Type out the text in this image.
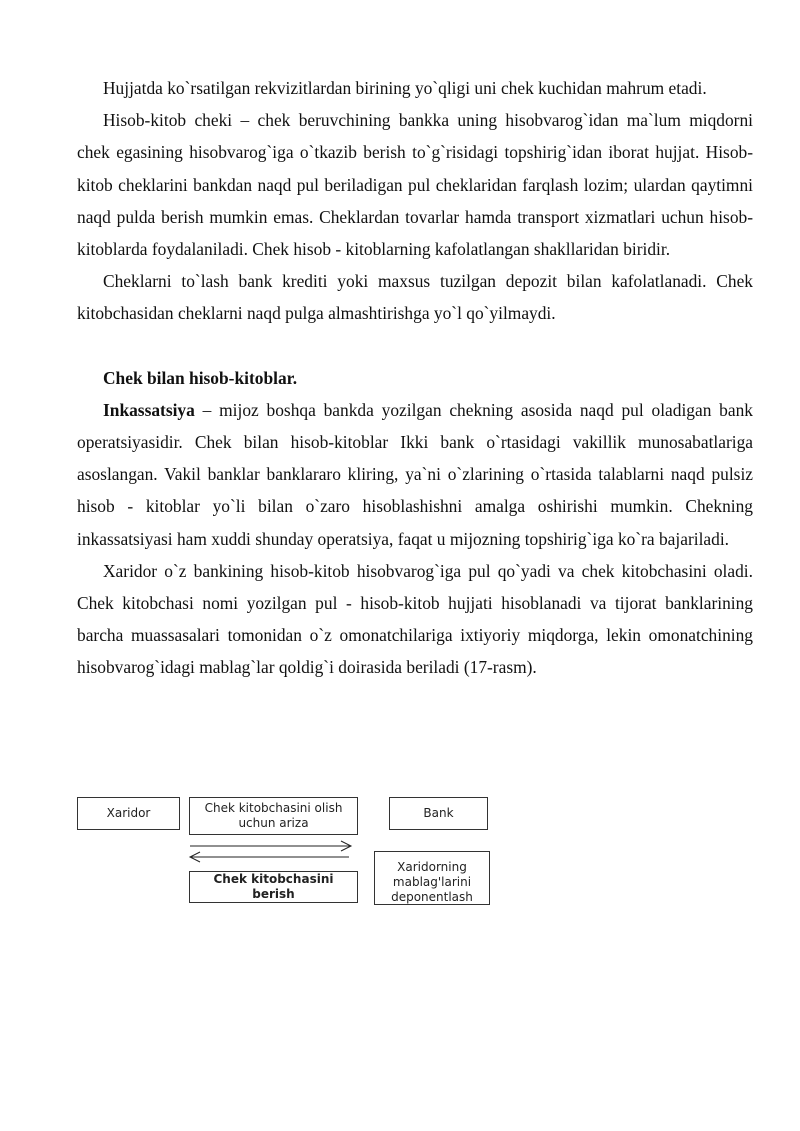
Hujjatda ko`rsatilgan rekvizitlardan birining yo`qligi uni chek kuchidan mahrum etadi.

Hisob-kitob cheki – chek beruvchining bankka uning hisobvarog`idan ma`lum miqdorni chek egasining hisobvarog`iga o`tkazib berish to`g`risidagi topshirig`idan iborat hujjat. Hisob-kitob cheklarini bankdan naqd pul beriladigan pul cheklaridan farqlash lozim; ulardan qaytimni naqd pulda berish mumkin emas. Cheklardan tovarlar hamda transport xizmatlari uchun hisob-kitoblarda foydalaniladi. Chek hisob - kitoblarning kafolatlangan shakllaridan biridir.

Cheklarni to`lash bank krediti yoki maxsus tuzilgan depozit bilan kafolatlanadi. Chek kitobchasidan cheklarni naqd pulga almashtirishga yo`l qo`yilmaydi.

Chek bilan hisob-kitoblar.

Inkassatsiya – mijoz boshqa bankda yozilgan chekning asosida naqd pul oladigan bank operatsiyasidir. Chek bilan hisob-kitoblar Ikki bank o`rtasidagi vakillik munosabatlariga asoslangan. Vakil banklar banklararo kliring, ya`ni o`zlarining o`rtasida talablarni naqd pulsiz hisob - kitoblar yo`li bilan o`zaro hisoblashishni amalga oshirishi mumkin. Chekning inkassatsiyasi ham xuddi shunday operatsiya, faqat u mijozning topshirig`iga ko`ra bajariladi.

Xaridor o`z bankining hisob-kitob hisobvarog`iga pul qo`yadi va chek kitobchasini oladi. Chek kitobchasi nomi yozilgan pul - hisob-kitob hujjati hisoblanadi va tijorat banklarining barcha muassasalari tomonidan o`z omonatchilariga ixtiyoriy miqdorga, lekin omonatchining hisobvarog`idagi mablag`lar qoldig`i doirasida beriladi (17-rasm).

Xaridor	Chek kitobchasini olish uchun ariza
Bank
Chek kitobchasini berish
Xaridorning mablag'larini deponentlash
